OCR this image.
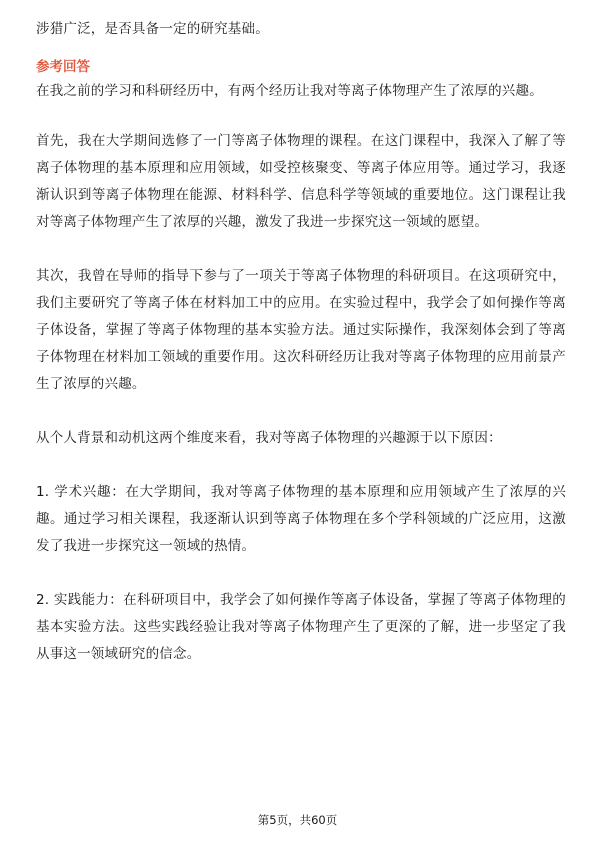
涉猎广泛，是否具备一定的研究基础。

参考回答

在我之前的学习和科研经历中，有两个经历让我对等离子体物理产生了浓厚的兴趣。

首先，我在大学期间选修了一门等离子体物理的课程。在这门课程中，我深入了解了等离子体物理的基本原理和应用领域，如受控核聚变、等离子体应用等。通过学习，我逐渐认识到等离子体物理在能源、材料科学、信息科学等领域的重要地位。这门课程让我对等离子体物理产生了浓厚的兴趣，激发了我进一步探究这一领域的愿望。

其次，我曾在导师的指导下参与了一项关于等离子体物理的科研项目。在这项研究中，我们主要研究了等离子体在材料加工中的应用。在实验过程中，我学会了如何操作等离子体设备，掌握了等离子体物理的基本实验方法。通过实际操作，我深刻体会到了等离子体物理在材料加工领域的重要作用。这次科研经历让我对等离子体物理的应用前景产生了浓厚的兴趣。

从个人背景和动机这两个维度来看，我对等离子体物理的兴趣源于以下原因：

1. 学术兴趣：在大学期间，我对等离子体物理的基本原理和应用领域产生了浓厚的兴趣。通过学习相关课程，我逐渐认识到等离子体物理在多个学科领域的广泛应用，这激发了我进一步探究这一领域的热情。

2. 实践能力：在科研项目中，我学会了如何操作等离子体设备，掌握了等离子体物理的基本实验方法。这些实践经验让我对等离子体物理产生了更深的了解，进一步坚定了我从事这一领域研究的信念。

第5页，共60页
